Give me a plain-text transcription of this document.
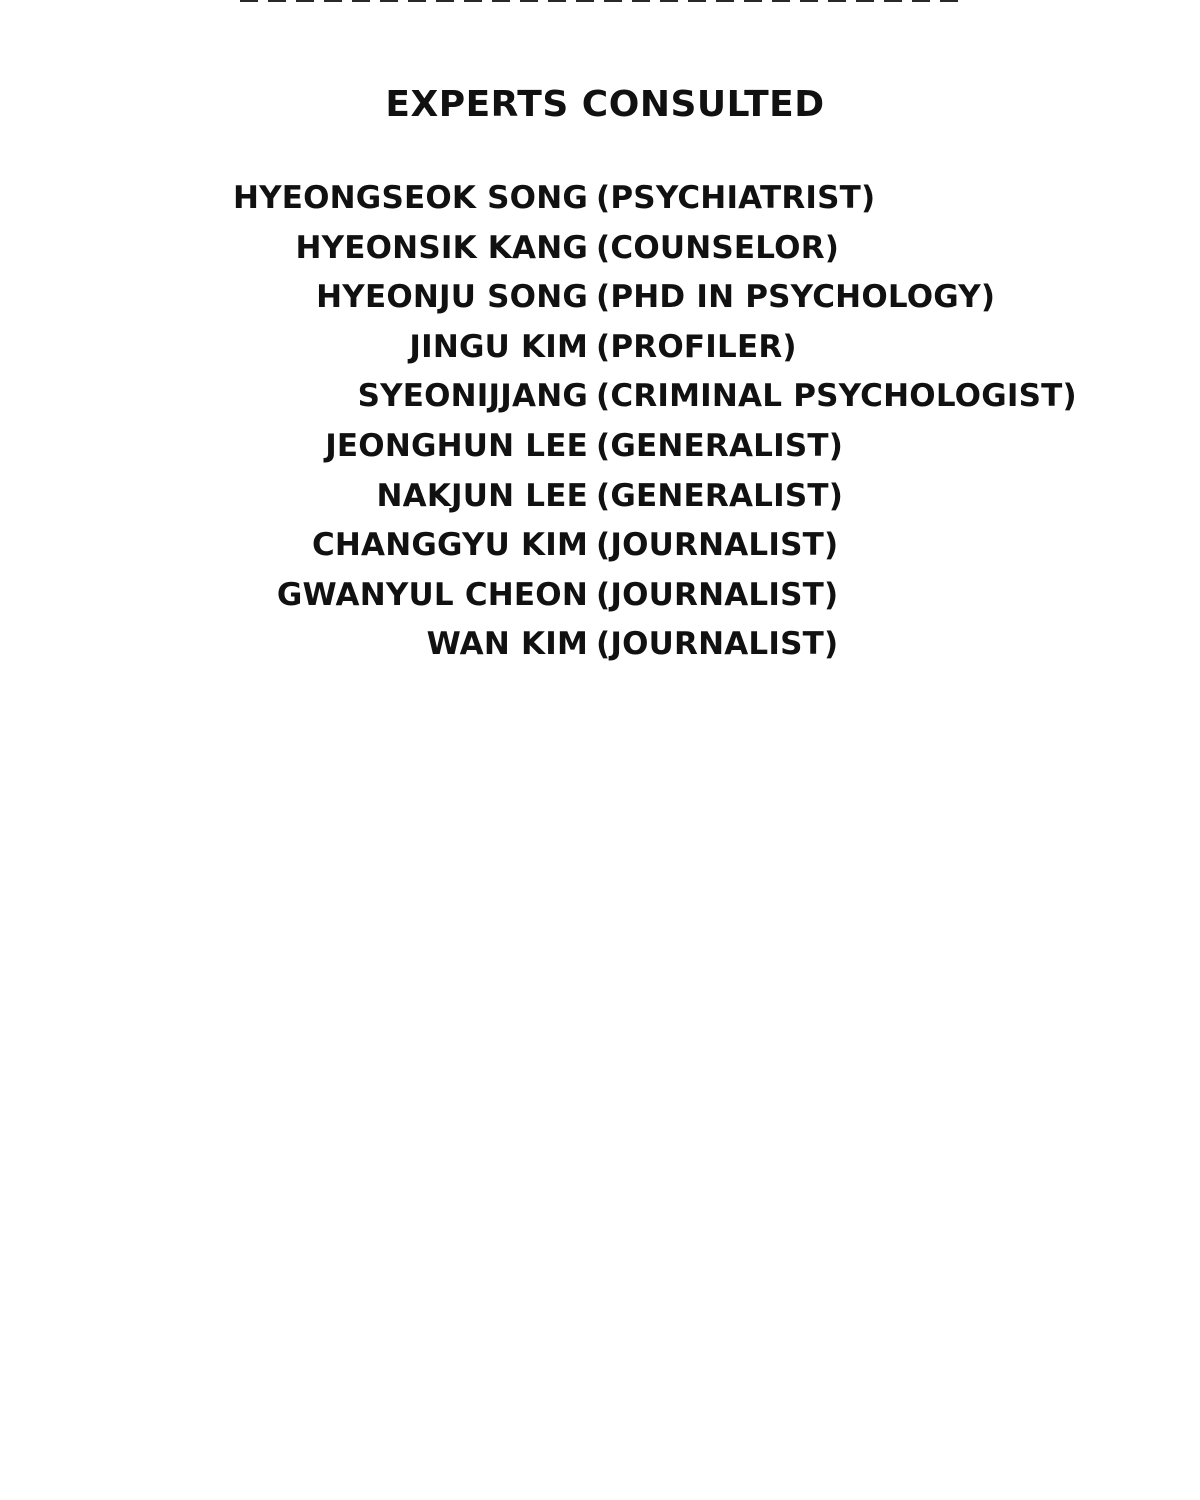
EXPERTS CONSULTED
HYEONGSEOK SONG (PSYCHIATRIST)
HYEONSIK KANG (COUNSELOR)
HYEONJU SONG (PHD IN PSYCHOLOGY)
JINGU KIM (PROFILER)
SYEONIJJANG (CRIMINAL PSYCHOLOGIST)
JEONGHUN LEE (GENERALIST)
NAKJUN LEE (GENERALIST)
CHANGGYU KIM (JOURNALIST)
GWANYUL CHEON (JOURNALIST)
WAN KIM (JOURNALIST)
